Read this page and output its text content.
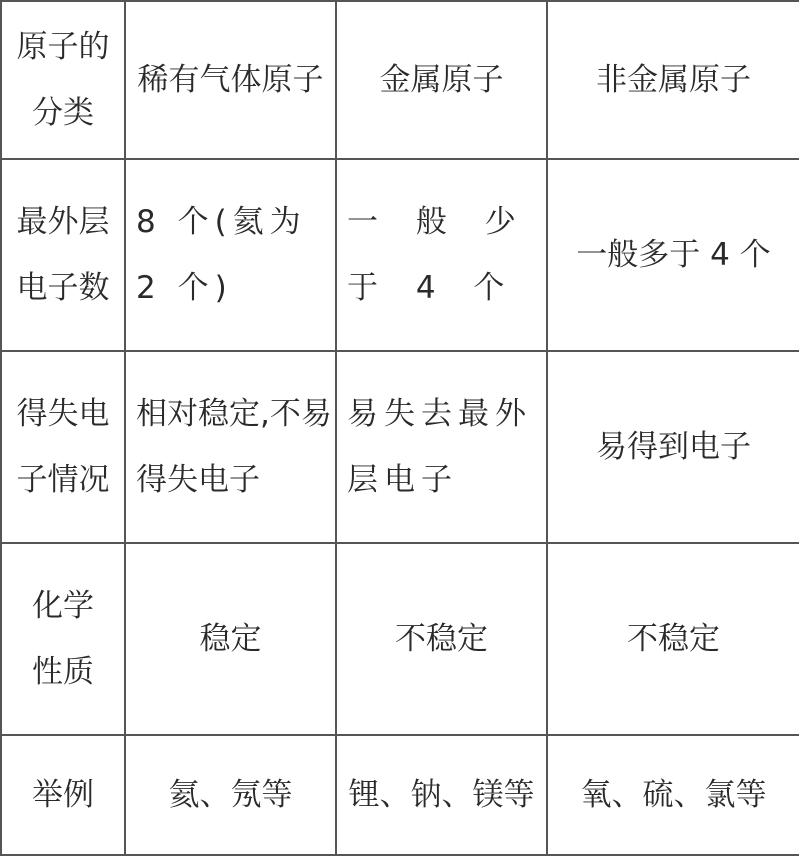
原子的分类	稀有气体原子	金属原子	非金属原子
最外层电子数	8 个(氦为 2 个)	一 般 少 于 4 个	一般多于 4 个
得失电子情况	相对稳定,不易得失电子	易失去最外层电子	易得到电子
化学性质	稳定	不稳定	不稳定
举例	氦、氖等	锂、钠、镁等	氧、硫、氯等
